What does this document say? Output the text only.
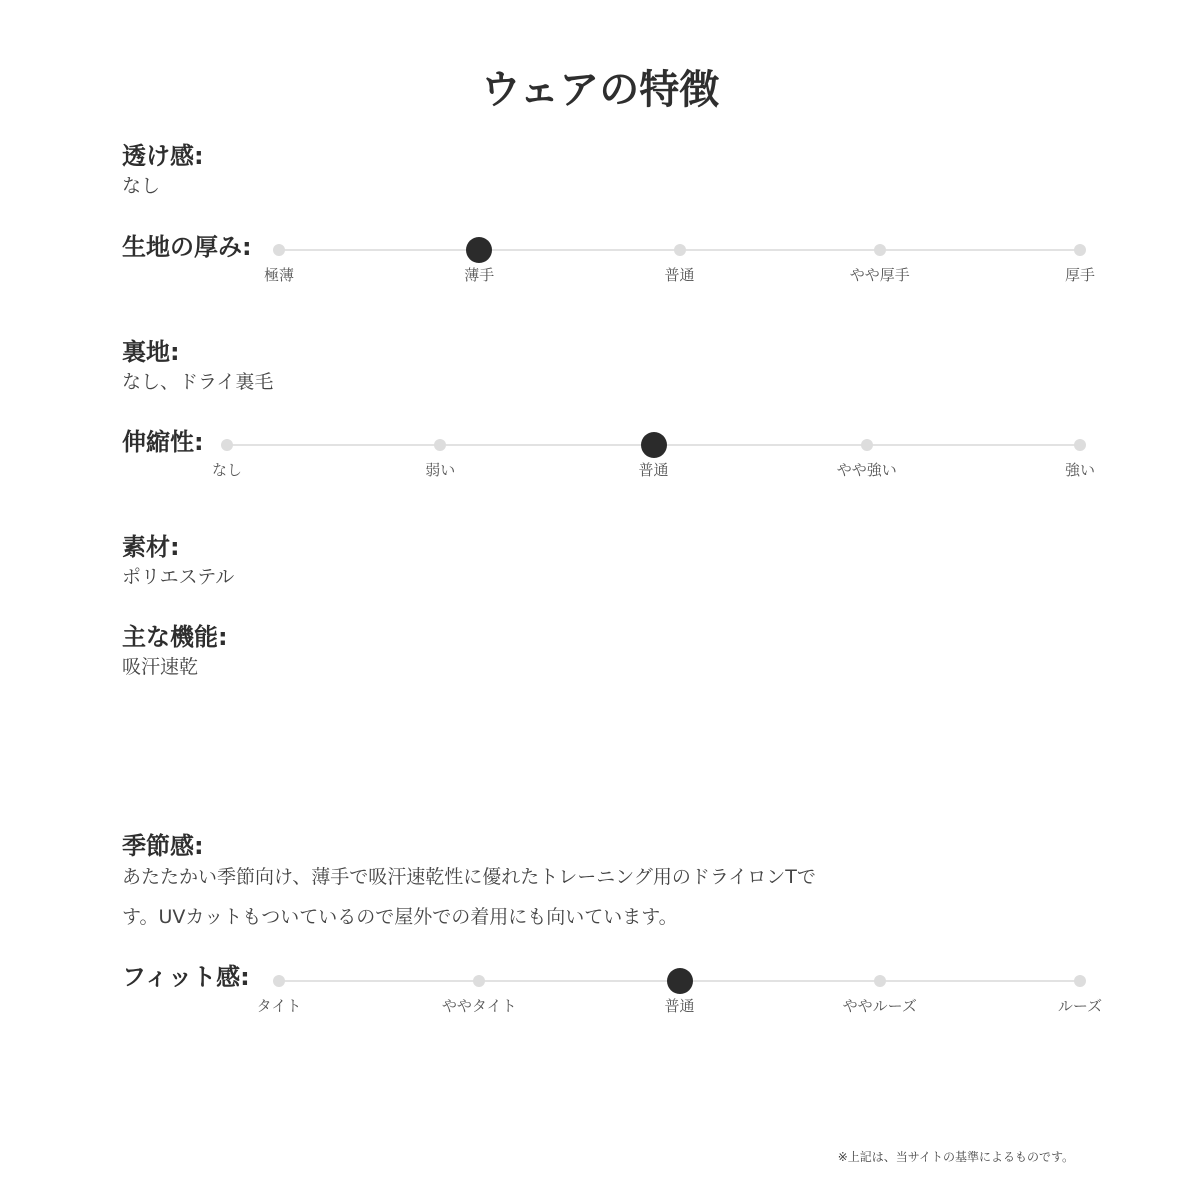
ウェアの特徴
透け感:
なし
生地の厚み:
極薄	薄手	普通	やや厚手	厚手
裏地:
なし、ドライ裏毛
伸縮性:
なし	弱い	普通	やや強い	強い
素材:
ポリエステル
主な機能:
吸汗速乾
季節感:
あたたかい季節向け、薄手で吸汗速乾性に優れたトレーニング用のドライロンTで
す。UVカットもついているので屋外での着用にも向いています。
フィット感:
タイト	ややタイト	普通	ややルーズ	ルーズ
※上記は、当サイトの基準によるものです。
